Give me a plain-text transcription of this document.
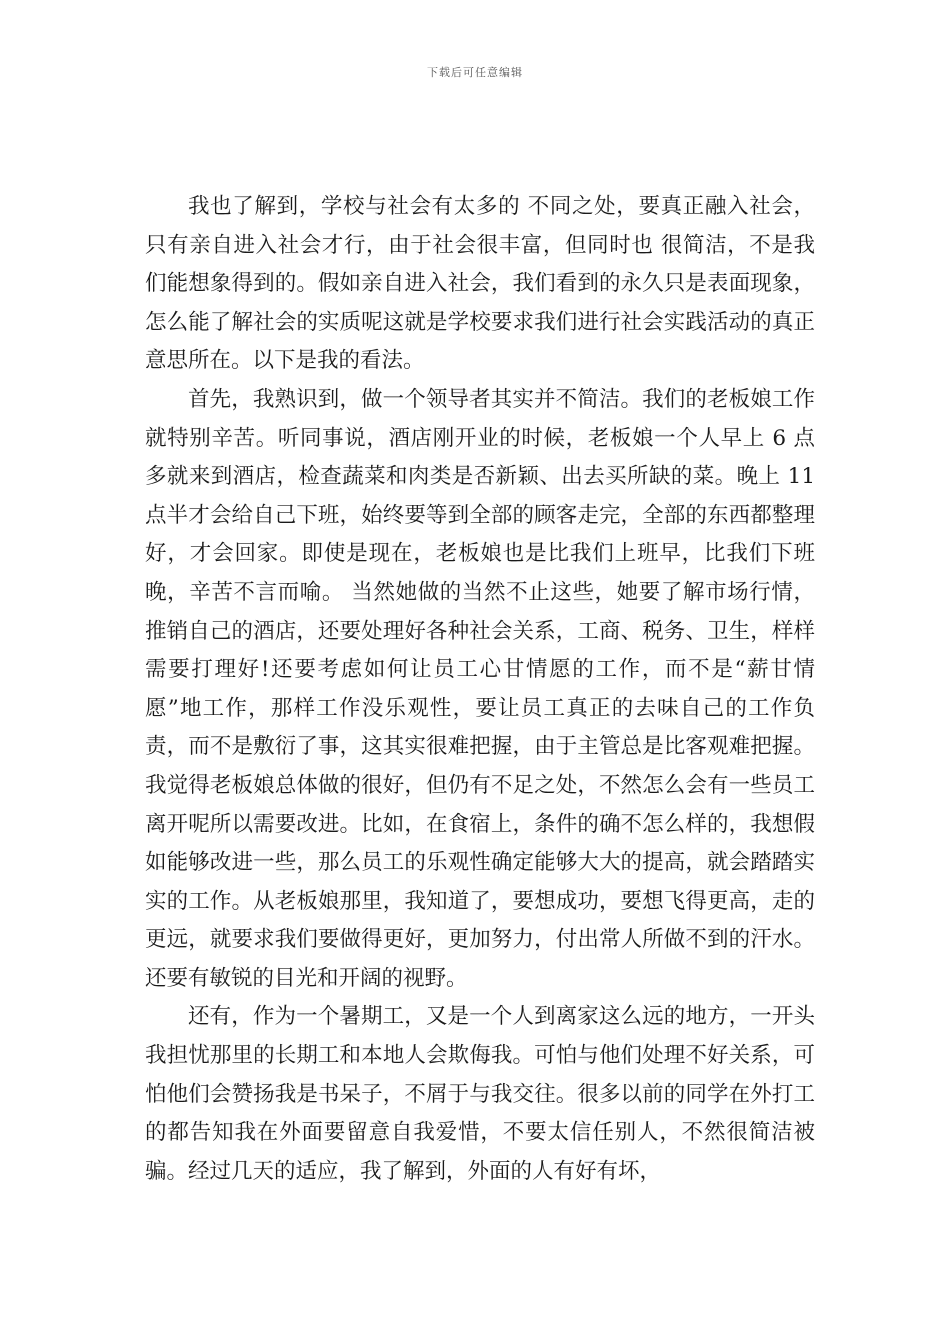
下载后可任意编辑

我也了解到，学校与社会有太多的 不同之处，要真正融入社会，只有亲自进入社会才行，由于社会很丰富，但同时也 很简洁，不是我们能想象得到的。假如亲自进入社会，我们看到的永久只是表面现象，怎么能了解社会的实质呢这就是学校要求我们进行社会实践活动的真正意思所在。以下是我的看法。

首先，我熟识到，做一个领导者其实并不简洁。我们的老板娘工作就特别辛苦。听同事说，酒店刚开业的时候，老板娘一个人早上 6 点多就来到酒店，检查蔬菜和肉类是否新颖、出去买所缺的菜。晚上 11 点半才会给自己下班，始终要等到全部的顾客走完，全部的东西都整理好，才会回家。即使是现在，老板娘也是比我们上班早，比我们下班晚，辛苦不言而喻。 当然她做的当然不止这些，她要了解市场行情，推销自己的酒店，还要处理好各种社会关系，工商、税务、卫生，样样需要打理好!还要考虑如何让员工心甘情愿的工作，而不是“薪甘情愿”地工作，那样工作没乐观性，要让员工真正的去味自己的工作负责，而不是敷衍了事，这其实很难把握，由于主管总是比客观难把握。我觉得老板娘总体做的很好，但仍有不足之处，不然怎么会有一些员工离开呢所以需要改进。比如，在食宿上，条件的确不怎么样的，我想假如能够改进一些，那么员工的乐观性确定能够大大的提高，就会踏踏实实的工作。从老板娘那里，我知道了，要想成功，要想飞得更高，走的更远，就要求我们要做得更好，更加努力，付出常人所做不到的汗水。还要有敏锐的目光和开阔的视野。

还有，作为一个暑期工，又是一个人到离家这么远的地方，一开头我担忧那里的长期工和本地人会欺侮我。可怕与他们处理不好关系，可怕他们会赞扬我是书呆子，不屑于与我交往。很多以前的同学在外打工的都告知我在外面要留意自我爱惜，不要太信任别人，不然很简洁被骗。经过几天的适应，我了解到，外面的人有好有坏，
